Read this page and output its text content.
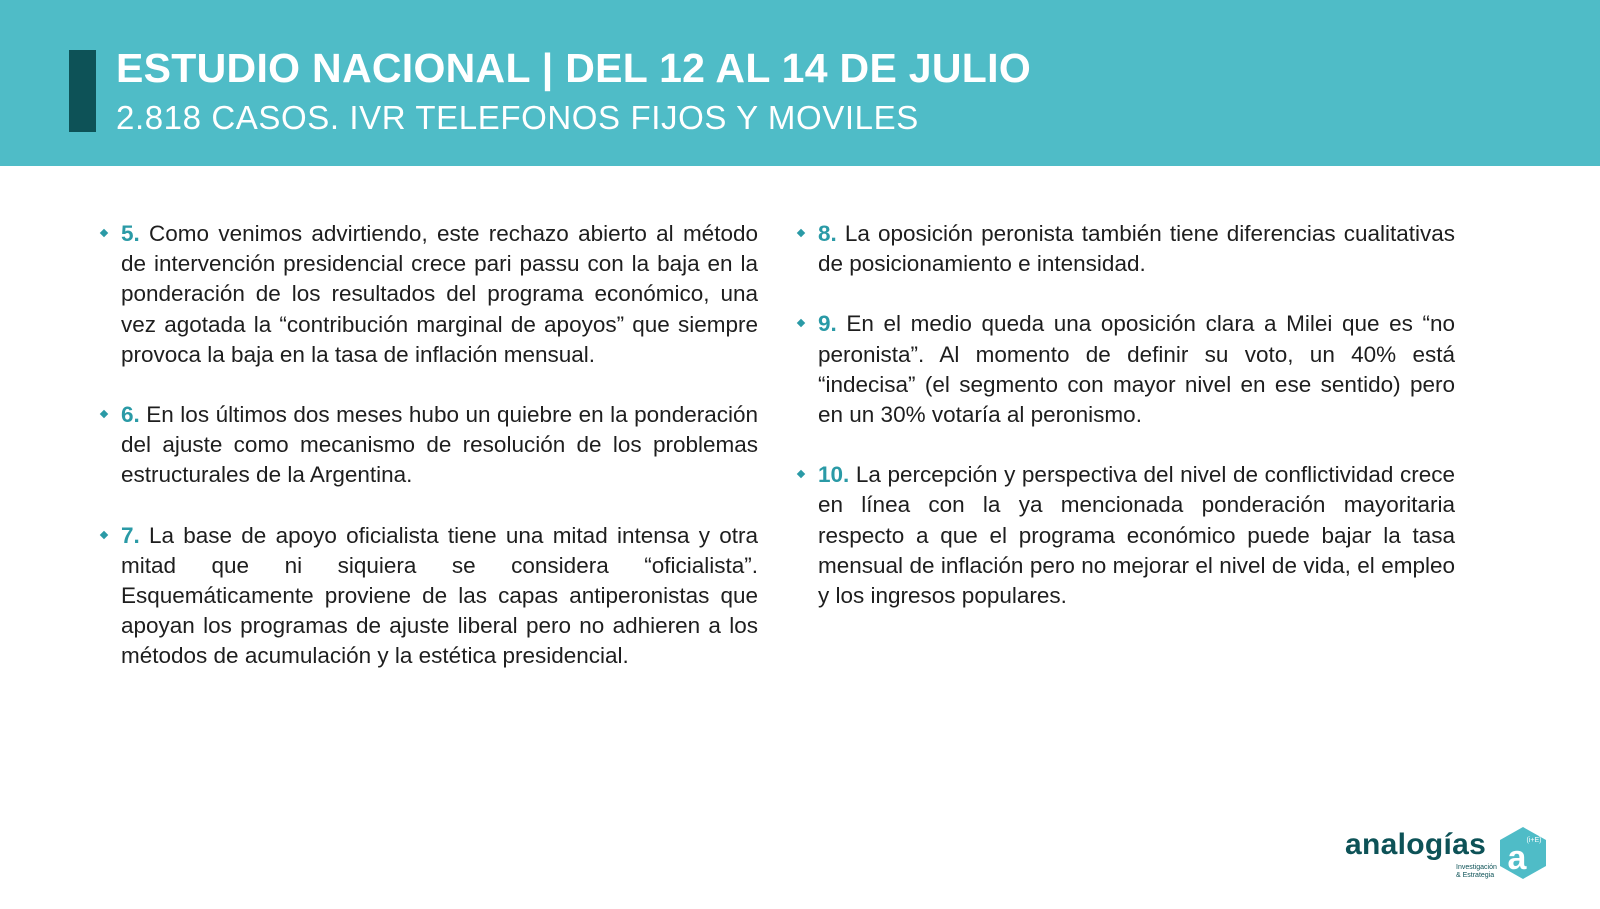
ESTUDIO NACIONAL | DEL 12 AL 14 DE JULIO
2.818 CASOS. IVR TELEFONOS FIJOS Y MOVILES
5. Como venimos advirtiendo, este rechazo abierto al método de intervención presidencial crece pari passu con la baja en la ponderación de los resultados del programa económico, una vez agotada la “contribución marginal de apoyos” que siempre provoca la baja en la tasa de inflación mensual.
6. En los últimos dos meses hubo un quiebre en la ponderación del ajuste como mecanismo de resolución de los problemas estructurales de la Argentina.
7. La base de apoyo oficialista tiene una mitad intensa y otra mitad que ni siquiera se considera “oficialista”. Esquemáticamente proviene de las capas antiperonistas que apoyan los programas de ajuste liberal pero no adhieren a los métodos de acumulación y la estética presidencial.
8. La oposición peronista también tiene diferencias cualitativas de posicionamiento e intensidad.
9. En el medio queda una oposición clara a Milei que es “no peronista”. Al momento de definir su voto, un 40% está “indecisa” (el segmento con mayor nivel en ese sentido) pero en un 30% votaría al peronismo.
10. La percepción y perspectiva del nivel de conflictividad crece en línea con la ya mencionada ponderación mayoritaria respecto a que el programa económico puede bajar la tasa mensual de inflación pero no mejorar el nivel de vida, el empleo y los ingresos populares.
analogías
Investigación
& Estrategia a (i+E)
